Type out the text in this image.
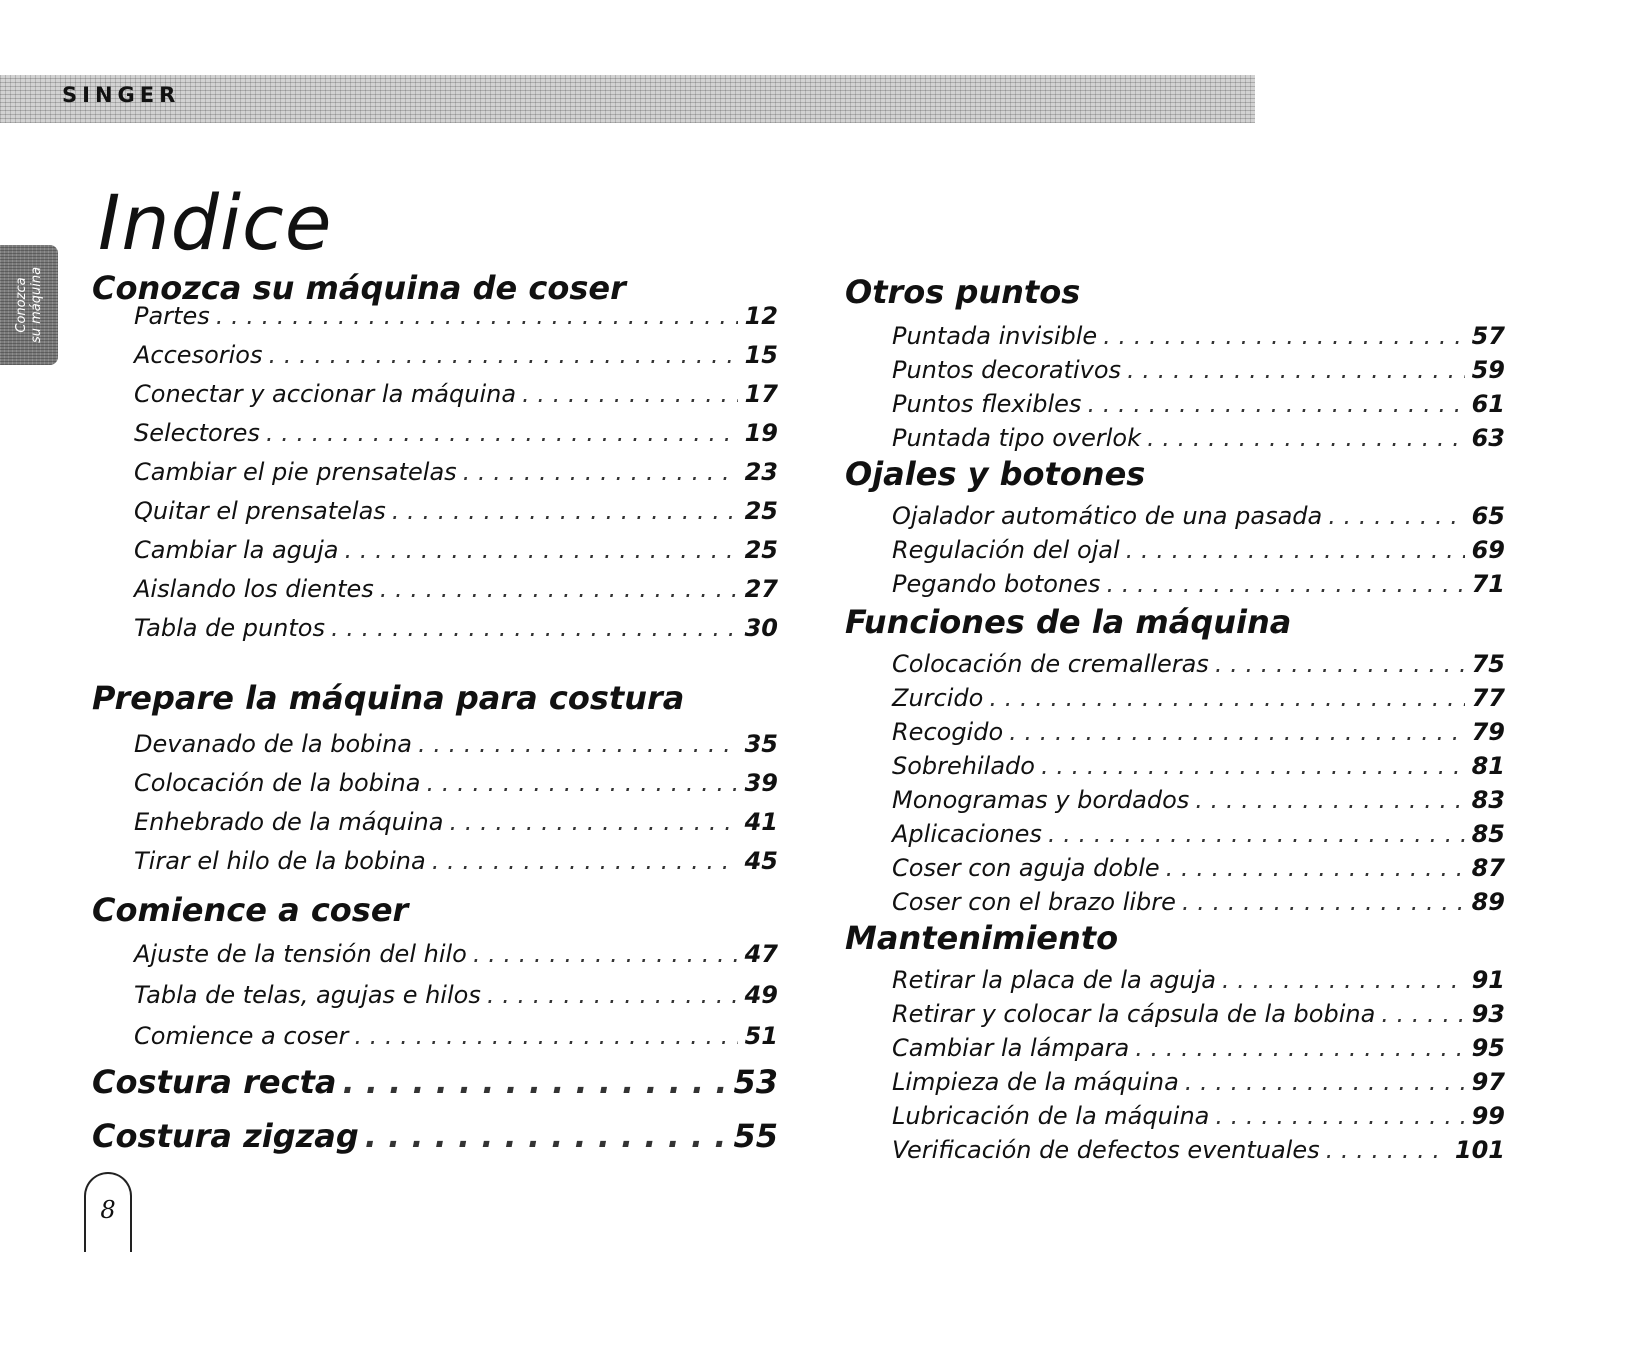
SINGER
Conozca su máquina
Indice
Conozca su máquina de coser
Partes . . .	12
Accesorios . . .	15
Conectar y accionar la máquina . . .	17
Selectores . . .	19
Cambiar el pie prensatelas . . .	23
Quitar el prensatelas . . .	25
Cambiar la aguja . . .	25
Aislando los dientes . . .	27
Tabla de puntos . . .	30
Prepare la máquina para costura
Devanado de la bobina . . .	35
Colocación de la bobina . . .	39
Enhebrado de la máquina . . .	41
Tirar el hilo de la bobina . . .	45
Comience a coser
Ajuste de la tensión del hilo . . .	47
Tabla de telas, agujas e hilos . . .	49
Comience a coser . . .	51
Costura recta . . .	53
Costura zigzag . . .	55
Otros puntos
Puntada invisible . . .	57
Puntos decorativos . . .	59
Puntos flexibles . . .	61
Puntada tipo overlok . . .	63
Ojales y botones
Ojalador automático de una pasada . . .	65
Regulación del ojal . . .	69
Pegando botones . . .	71
Funciones de la máquina
Colocación de cremalleras . . .	75
Zurcido . . .	77
Recogido . . .	79
Sobrehilado . . .	81
Monogramas y bordados . . .	83
Aplicaciones . . .	85
Coser con aguja doble . . .	87
Coser con el brazo libre . . .	89
Mantenimiento
Retirar la placa de la aguja . . .	91
Retirar y colocar la cápsula de la bobina . . .	93
Cambiar la lámpara . . .	95
Limpieza de la máquina . . .	97
Lubricación de la máquina . . .	99
Verificación de defectos eventuales . . .	101
8
